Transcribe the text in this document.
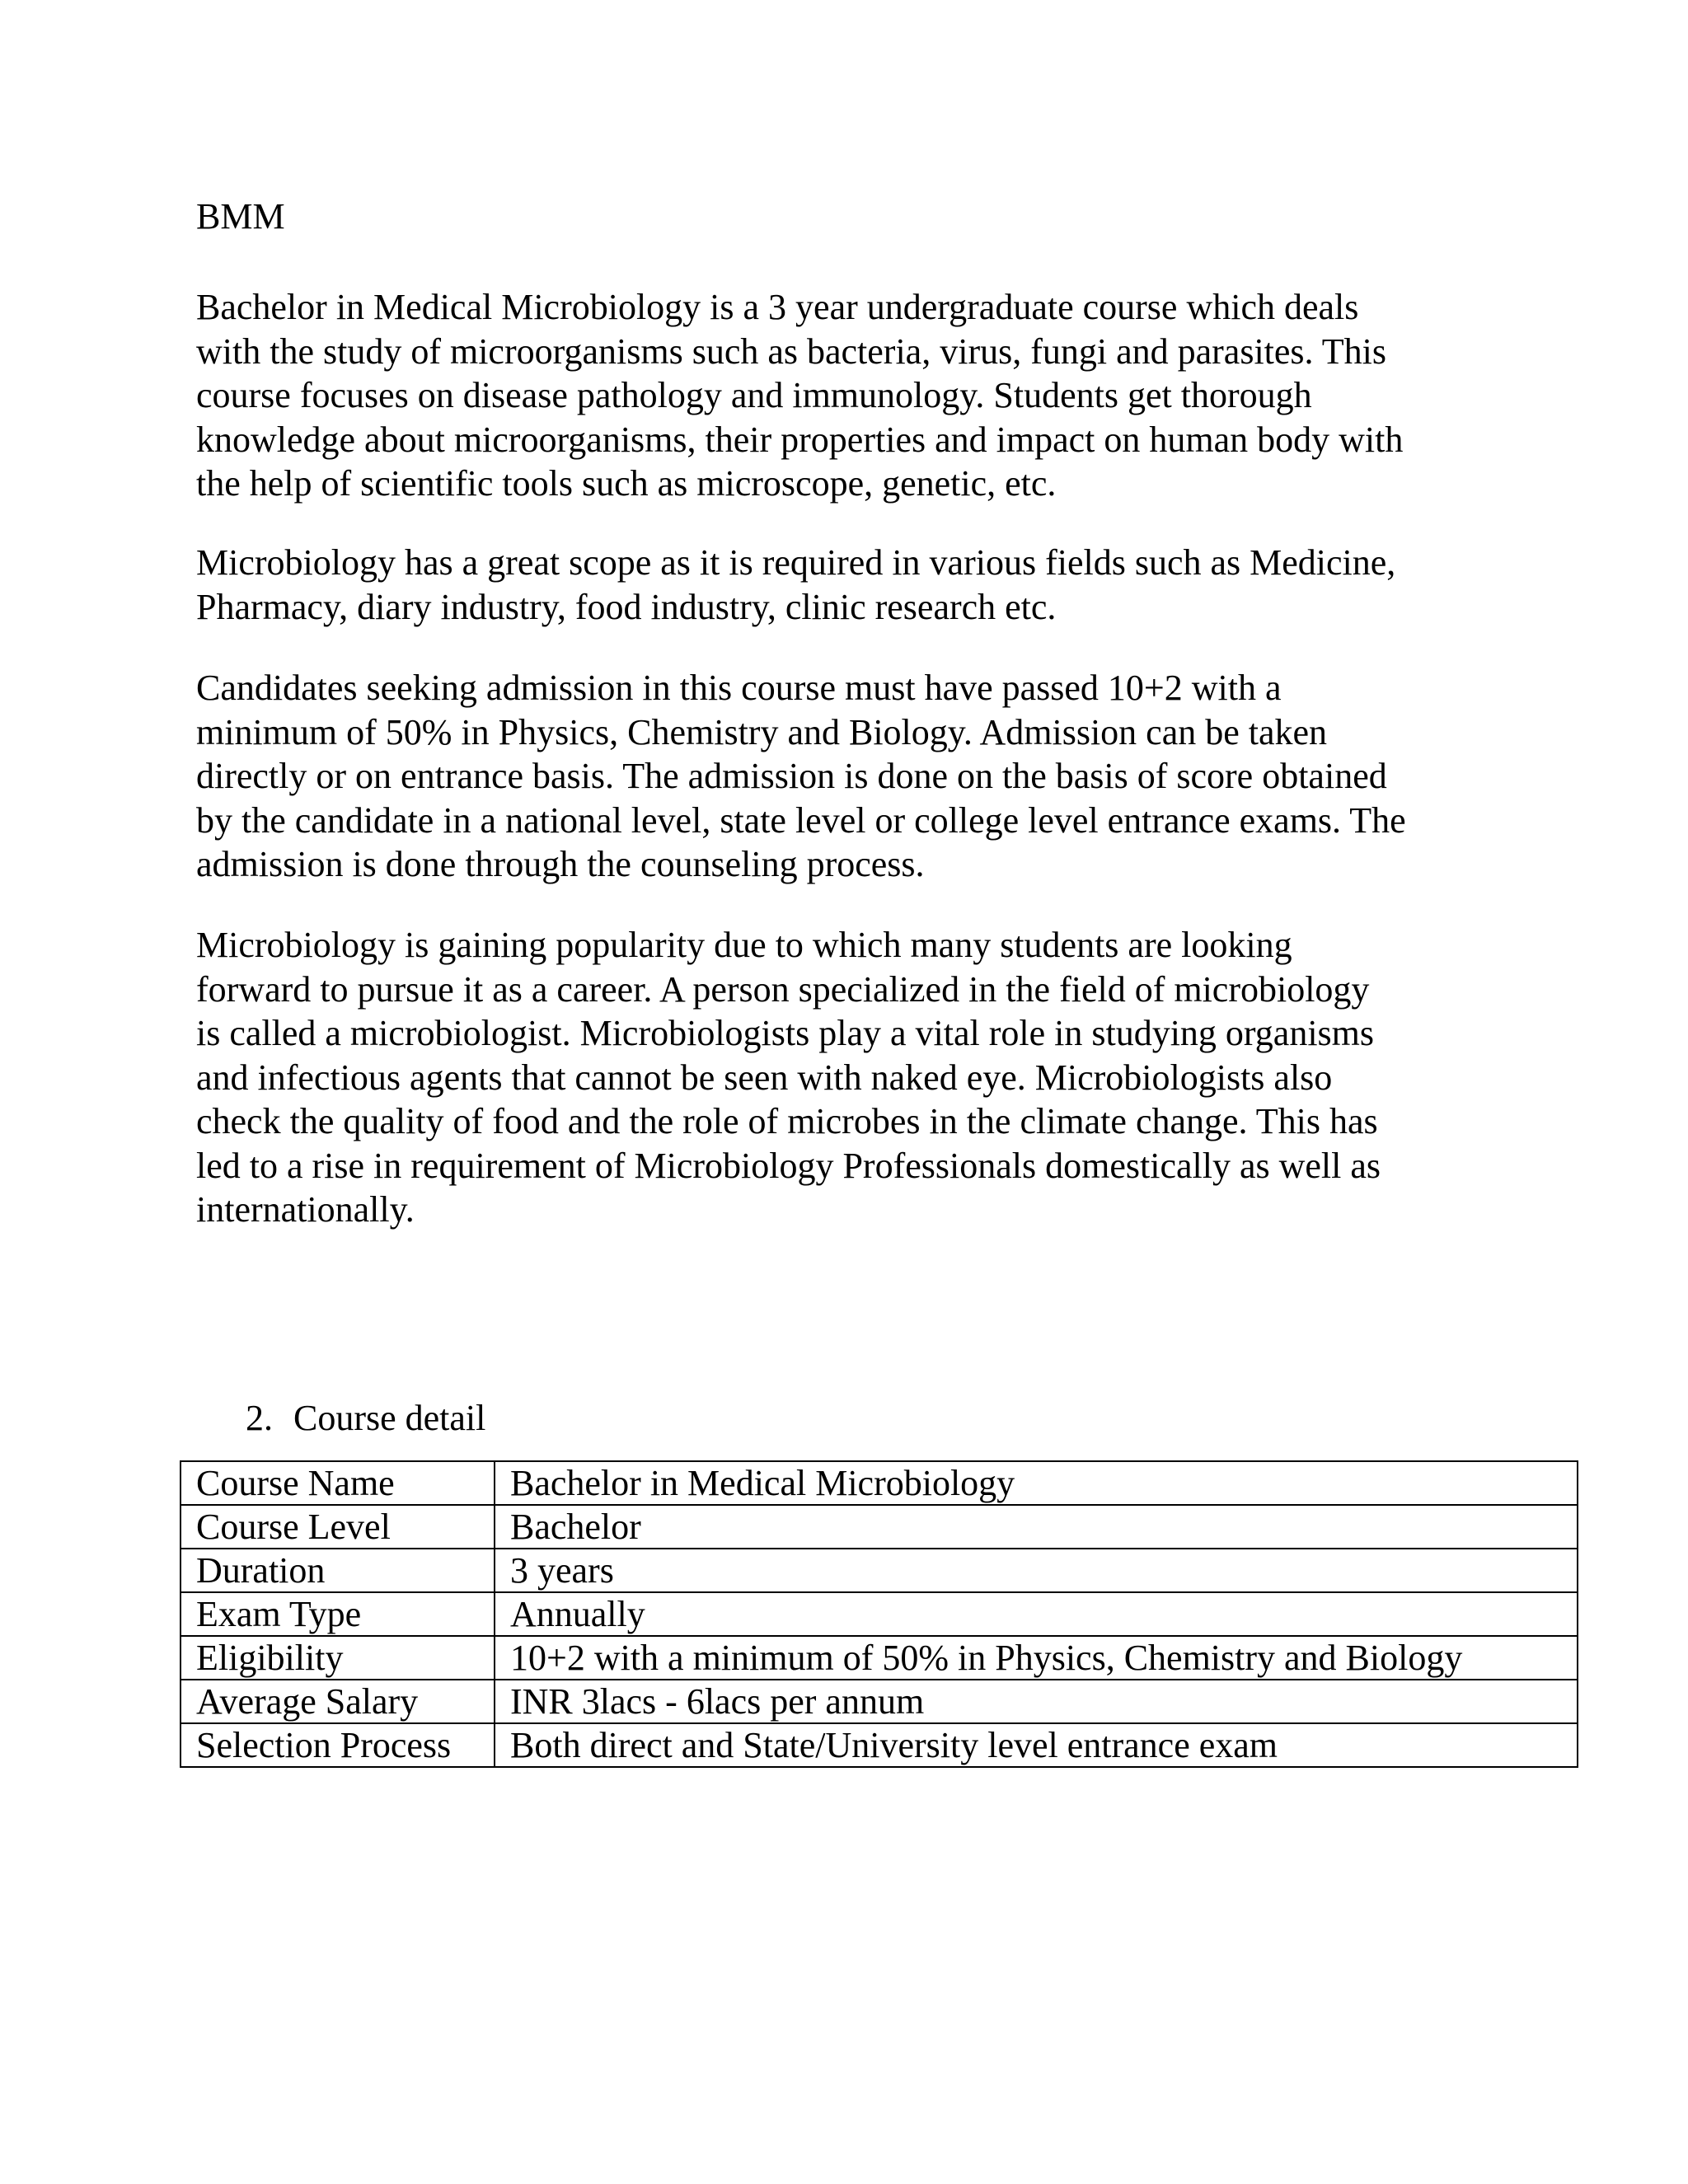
BMM

Bachelor in Medical Microbiology is a 3 year undergraduate course which deals
with the study of microorganisms such as bacteria, virus, fungi and parasites. This
course focuses on disease pathology and immunology. Students get thorough
knowledge about microorganisms, their properties and impact on human body with
the help of scientific tools such as microscope, genetic, etc.

Microbiology has a great scope as it is required in various fields such as Medicine,
Pharmacy, diary industry, food industry, clinic research etc.

Candidates seeking admission in this course must have passed 10+2 with a
minimum of 50% in Physics, Chemistry and Biology. Admission can be taken
directly or on entrance basis. The admission is done on the basis of score obtained
by the candidate in a national level, state level or college level entrance exams. The
admission is done through the counseling process.

Microbiology is gaining popularity due to which many students are looking
forward to pursue it as a career. A person specialized in the field of microbiology
is called a microbiologist. Microbiologists play a vital role in studying organisms
and infectious agents that cannot be seen with naked eye. Microbiologists also
check the quality of food and the role of microbes in the climate change. This has
led to a rise in requirement of Microbiology Professionals domestically as well as
internationally.

2. Course detail
Course Name	Bachelor in Medical Microbiology
Course Level	Bachelor
Duration	3 years
Exam Type	Annually
Eligibility	10+2 with a minimum of 50% in Physics, Chemistry and Biology
Average Salary	INR 3lacs - 6lacs per annum
Selection Process	Both direct and State/University level entrance exam
